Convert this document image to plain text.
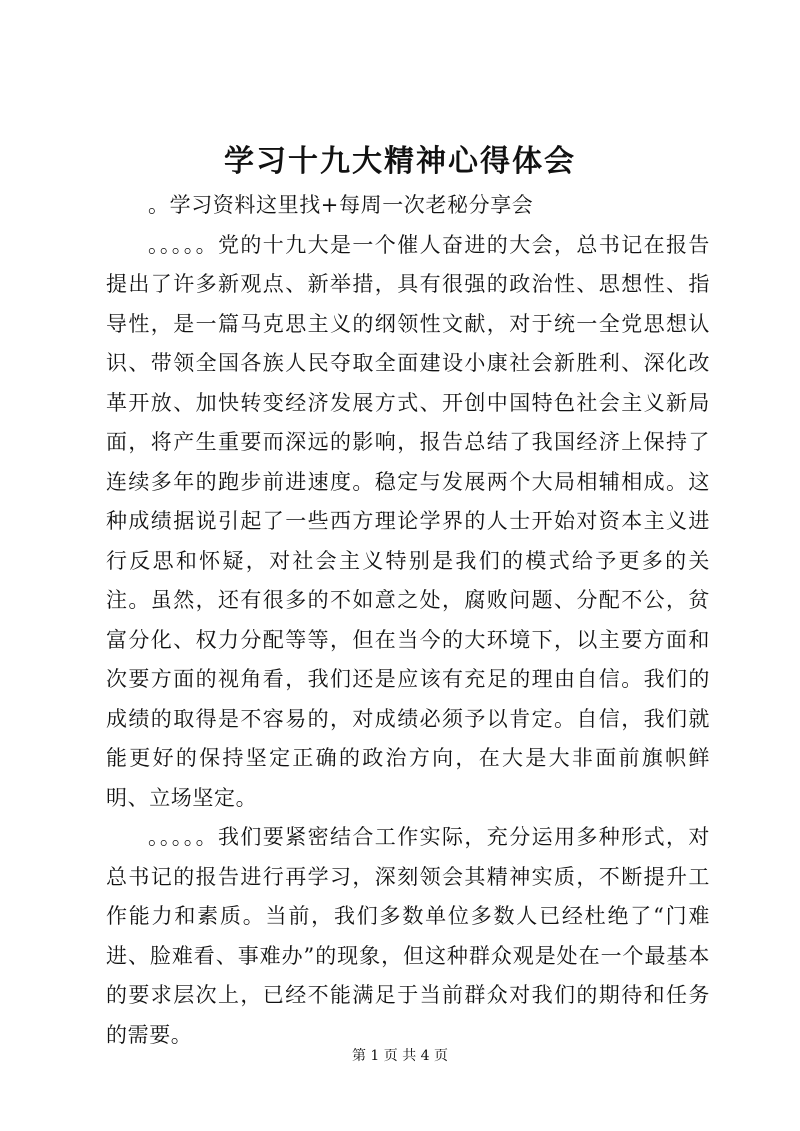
学习十九大精神心得体会

。学习资料这里找+每周一次老秘分享会

。。。。。党的十九大是一个催人奋进的大会，总书记在报告提出了许多新观点、新举措，具有很强的政治性、思想性、指导性，是一篇马克思主义的纲领性文献，对于统一全党思想认识、带领全国各族人民夺取全面建设小康社会新胜利、深化改革开放、加快转变经济发展方式、开创中国特色社会主义新局面，将产生重要而深远的影响，报告总结了我国经济上保持了连续多年的跑步前进速度。稳定与发展两个大局相辅相成。这种成绩据说引起了一些西方理论学界的人士开始对资本主义进行反思和怀疑，对社会主义特别是我们的模式给予更多的关注。虽然，还有很多的不如意之处，腐败问题、分配不公，贫富分化、权力分配等等，但在当今的大环境下，以主要方面和次要方面的视角看，我们还是应该有充足的理由自信。我们的成绩的取得是不容易的，对成绩必须予以肯定。自信，我们就能更好的保持坚定正确的政治方向，在大是大非面前旗帜鲜明、立场坚定。

。。。。。我们要紧密结合工作实际，充分运用多种形式，对总书记的报告进行再学习，深刻领会其精神实质，不断提升工作能力和素质。当前，我们多数单位多数人已经杜绝了“门难进、脸难看、事难办”的现象，但这种群众观是处在一个最基本的要求层次上，已经不能满足于当前群众对我们的期待和任务的需要。

第 1 页 共 4 页
